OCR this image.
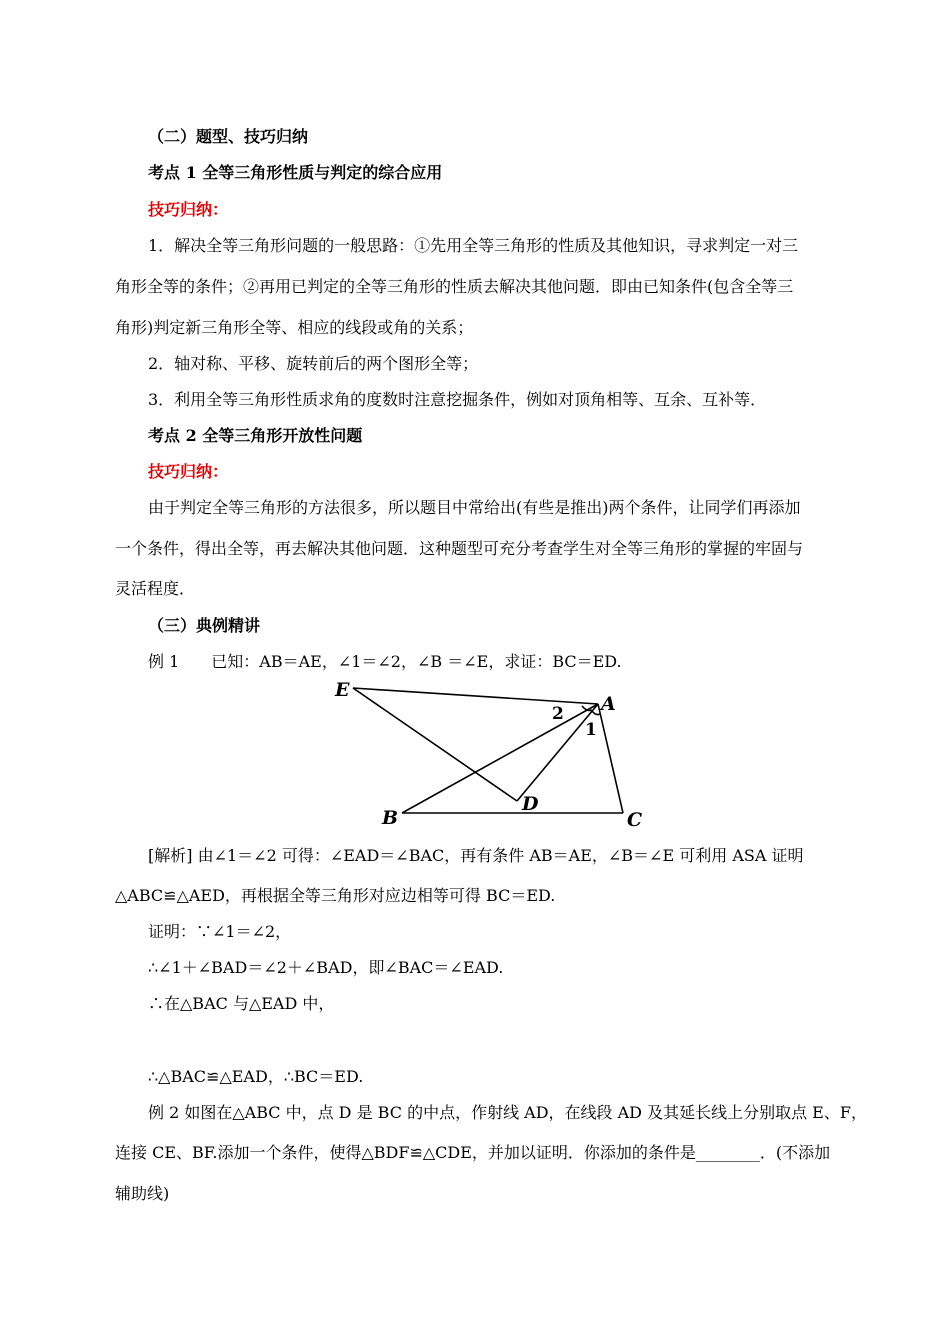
（二）题型、技巧归纳
考点 1 全等三角形性质与判定的综合应用
技巧归纳：
1．解决全等三角形问题的一般思路：①先用全等三角形的性质及其他知识，寻求判定一对三
角形全等的条件；②再用已判定的全等三角形的性质去解决其他问题．即由已知条件(包含全等三
角形)判定新三角形全等、相应的线段或角的关系；
2．轴对称、平移、旋转前后的两个图形全等；
3．利用全等三角形性质求角的度数时注意挖掘条件，例如对顶角相等、互余、互补等．
考点 2 全等三角形开放性问题
技巧归纳：
由于判定全等三角形的方法很多，所以题目中常给出(有些是推出)两个条件，让同学们再添加
一个条件，得出全等，再去解决其他问题．这种题型可充分考查学生对全等三角形的掌握的牢固与
灵活程度．
（三）典例精讲
例 1　　已知：AB＝AE，∠1＝∠2，∠B ＝∠E，求证：BC＝ED.
E
A
B	C
D
1
2
[解析] 由∠1＝∠2 可得：∠EAD＝∠BAC，再有条件 AB＝AE，∠B＝∠E 可利用 ASA 证明
△ABC≌△AED，再根据全等三角形对应边相等可得 BC＝ED.
证明：∵∠1＝∠2，
∴∠1＋∠BAD＝∠2＋∠BAD，即∠BAC＝∠EAD.
∴在△BAC 与△EAD 中，
∴△BAC≌△EAD，∴BC＝ED.
例 2 如图在△ABC 中，点 D 是 BC 的中点，作射线 AD，在线段 AD 及其延长线上分别取点 E、F，
连接 CE、BF.添加一个条件，使得△BDF≌△CDE，并加以证明．你添加的条件是________．(不添加
辅助线)
